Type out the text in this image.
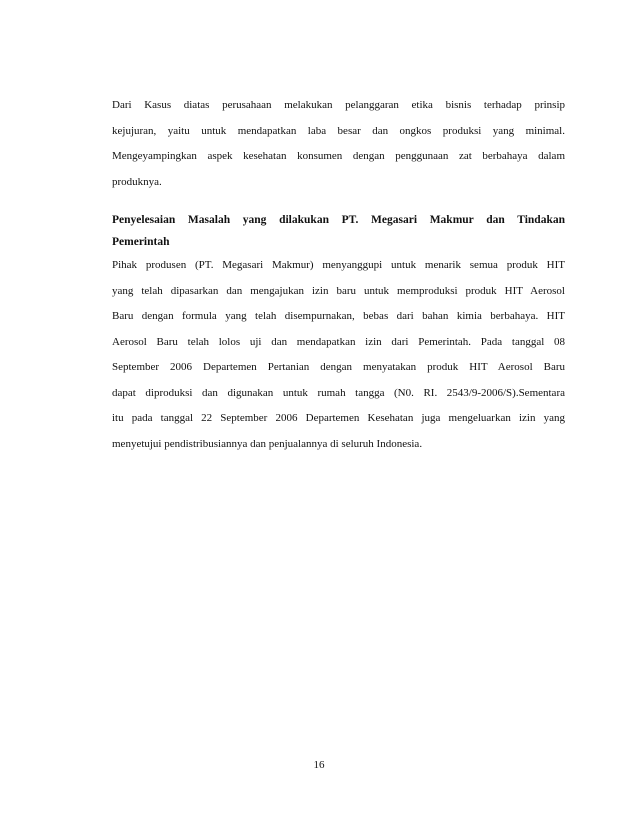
Dari Kasus diatas perusahaan melakukan pelanggaran etika bisnis terhadap prinsip
kejujuran, yaitu untuk mendapatkan laba besar dan ongkos produksi yang minimal.
Mengeyampingkan aspek kesehatan konsumen dengan penggunaan zat berbahaya dalam
produknya.

Penyelesaian Masalah yang dilakukan PT. Megasari Makmur dan Tindakan
Pemerintah

Pihak produsen (PT. Megasari Makmur) menyanggupi untuk menarik semua produk HIT
yang telah dipasarkan dan mengajukan izin baru untuk memproduksi produk HIT Aerosol
Baru dengan formula yang telah disempurnakan, bebas dari bahan kimia berbahaya. HIT
Aerosol Baru telah lolos uji dan mendapatkan izin dari Pemerintah. Pada tanggal 08
September 2006 Departemen Pertanian dengan menyatakan produk HIT Aerosol Baru
dapat diproduksi dan digunakan untuk rumah tangga (N0. RI. 2543/9-2006/S).Sementara
itu pada tanggal 22 September 2006 Departemen Kesehatan juga mengeluarkan izin yang
menyetujui pendistribusiannya dan penjualannya di seluruh Indonesia.

16
